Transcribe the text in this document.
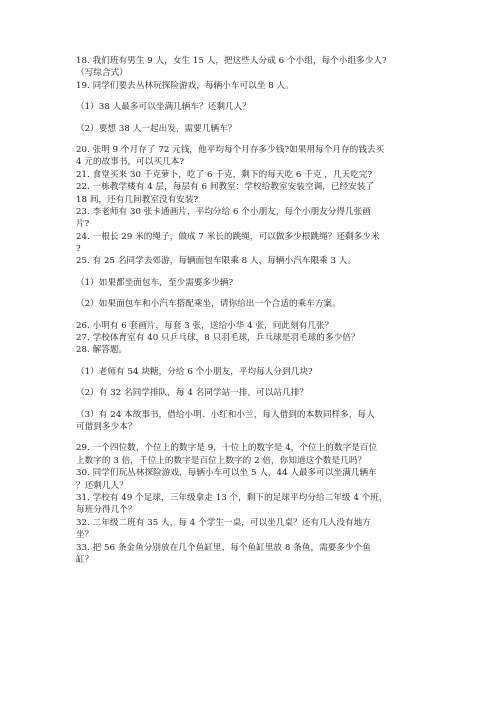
18. 我们班有男生 9 人，女生 15 人，把这些人分成 6 个小组，每个小组多少人?
（写综合式）
19. 同学们要去丛林玩探险游戏，每辆小车可以坐 8 人。
（1）38 人最多可以坐满几辆车？还剩几人？
（2）要想 38 人一起出发，需要几辆车？
20. 张明 9 个月存了 72 元钱，他平均每个月存多少钱?如果用每个月存的钱去买
4 元的故事书，可以买几本?
21. 食堂买来 30 千克萝卜，吃了 6 千克，剩下的每天吃 6 千克 ，几天吃完?
22. 一栋教学楼有 4 层，每层有 6 间教室：学校给教室安装空调，已经安装了
18 间，还有几间教室没有安装?
23. 李老师有 30 张卡通画片，平均分给 6 个小朋友，每个小朋友分得几张画
片?
24. 一根长 29 米的绳子，做成 7 米长的跳绳，可以做多少根跳绳？还剩多少米
?
25. 有 25 名同学去郊游，每辆面包车限乘 8 人，每辆小汽车限乘 3 人。
（1）如果都坐面包车，至少需要多少辆?
（2）如果面包车和小汽车搭配乘坐，请你给出一个合适的乘车方案。
26. 小明有 6 套画片，每套 3 张，送给小华 4 张，问此刻有几张？
27. 学校体育室有 40 只乒乓球，8 只羽毛球，乒乓球是羽毛球的多少倍？
28. 解答题。
（1）老师有 54 块糖，分给 6 个小朋友，平均每人分到几块?
（2）有 32 名同学排队，每 4 名同学站一排，可以站几排？
（3）有 24 本故事书，借给小明、小红和小兰，每人借到的本数同样多，每人
可借到多少本？
29. 一个四位数，个位上的数字是 9，十位上的数字是 4，个位上的数字是百位
上数字的 3 倍，千位上的数字是百位上数字的 2 倍，你知道这个数是几吗？
30. 同学们玩丛林探险游戏，每辆小车可以坐 5 人，44 人最多可以坐满几辆车
？还剩几人？
31. 学校有 49 个足球，三年级拿走 13 个，剩下的足球平均分给二年级 4 个班，
每班分得几个？
32. 二年级二班有 35 人，每 4 个学生一桌，可以坐几桌？还有几人没有地方
坐？
33. 把 56 条金鱼分别放在几个鱼缸里，每个鱼缸里放 8 条鱼，需要多少个鱼
缸？
